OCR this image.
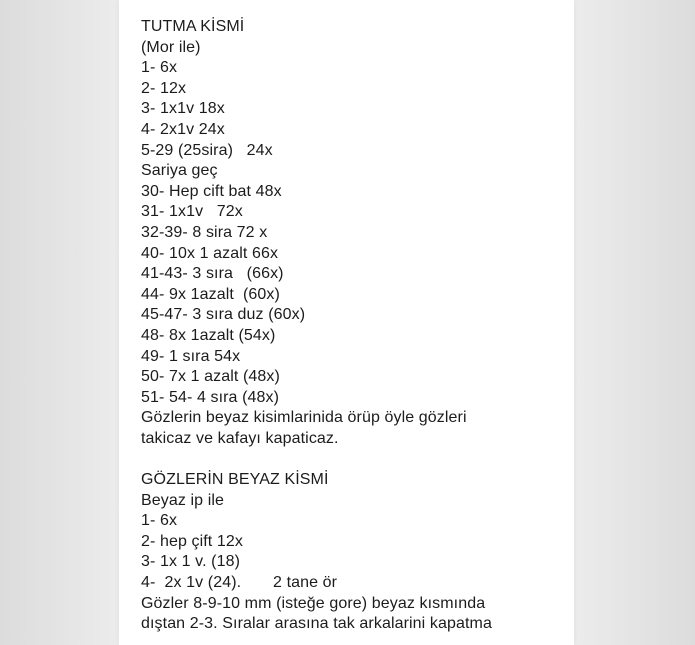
TUTMA KİSMİ
(Mor ile)
1- 6x
2- 12x
3- 1x1v 18x
4- 2x1v 24x
5-29 (25sira)   24x
Sariya geç
30- Hep cift bat 48x
31- 1x1v   72x
32-39- 8 sira 72 x
40- 10x 1 azalt 66x
41-43- 3 sıra   (66x)
44- 9x 1azalt  (60x)
45-47- 3 sıra duz (60x)
48- 8x 1azalt (54x)
49- 1 sıra 54x
50- 7x 1 azalt (48x)
51- 54- 4 sıra (48x)
Gözlerin beyaz kisimlarinida örüp öyle gözleri
takicaz ve kafayı kapaticaz.
GÖZLERİN BEYAZ KİSMİ
Beyaz ip ile
1- 6x
2- hep çift 12x
3- 1x 1 v. (18)
4-  2x 1v (24).       2 tane ör
Gözler 8-9-10 mm (isteğe gore) beyaz kısmında
dıştan 2-3. Sıralar arasına tak arkalarini kapatma
